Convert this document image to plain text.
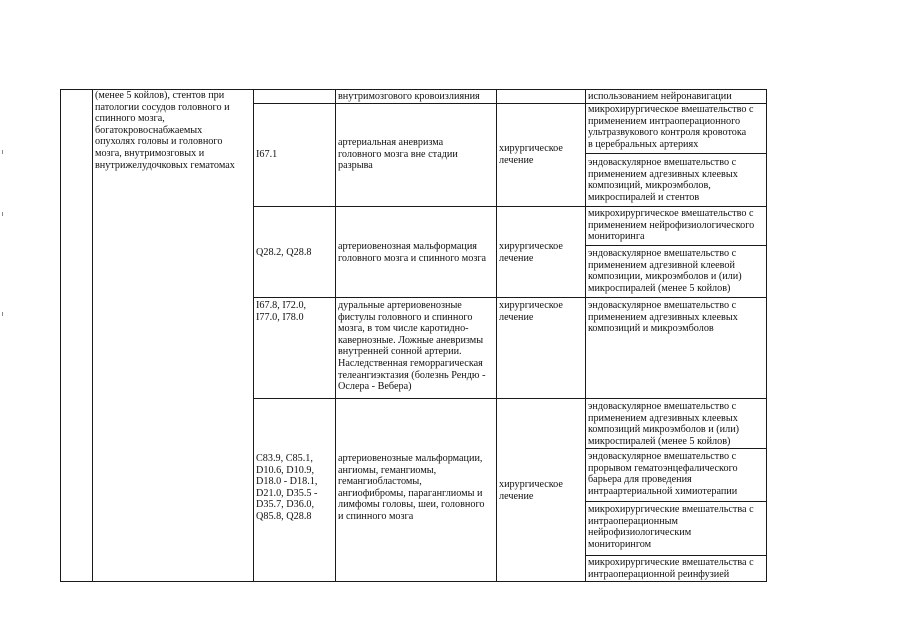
(менее 5 койлов), стентов при
патологии сосудов головного и
спинного мозга,
богатокровоснабжаемых
опухолях головы и головного
мозга, внутримозговых и
внутрижелудочковых гематомах
внутримозгового кровоизлияния	использованием нейронавигации
I67.1
артериальная аневризма
головного мозга вне стадии
разрыва
хирургическое
лечение
микрохирургическое вмешательство с
применением интраоперационного
ультразвукового контроля кровотока
в церебральных артериях
эндоваскулярное вмешательство с
применением адгезивных клеевых
композиций, микроэмболов,
микроспиралей и стентов
Q28.2, Q28.8
артериовенозная мальформация
головного мозга и спинного мозга
хирургическое
лечение
микрохирургическое вмешательство с
применением нейрофизиологического
мониторинга
эндоваскулярное вмешательство с
применением адгезивной клеевой
композиции, микроэмболов и (или)
микроспиралей (менее 5 койлов)
I67.8, I72.0,
I77.0, I78.0
дуральные артериовенозные
фистулы головного и спинного
мозга, в том числе каротидно-
кавернозные. Ложные аневризмы
внутренней сонной артерии.
Наследственная геморрагическая
телеангиэктазия (болезнь Рендю -
Ослера - Вебера)
хирургическое
лечение
эндоваскулярное вмешательство с
применением адгезивных клеевых
композиций и микроэмболов
C83.9, C85.1,
D10.6, D10.9,
D18.0 - D18.1,
D21.0, D35.5 -
D35.7, D36.0,
Q85.8, Q28.8
артериовенозные мальформации,
ангиомы, гемангиомы,
гемангиобластомы,
ангиофибромы, параганглиомы и
лимфомы головы, шеи, головного
и спинного мозга
хирургическое
лечение
эндоваскулярное вмешательство с
применением адгезивных клеевых
композиций микроэмболов и (или)
микроспиралей (менее 5 койлов)
эндоваскулярное вмешательство с
прорывом гематоэнцефалического
барьера для проведения
интраартериальной химиотерапии
микрохирургические вмешательства с
интраоперационным
нейрофизиологическим
мониторингом
микрохирургические вмешательства с
интраоперационной реинфузией
